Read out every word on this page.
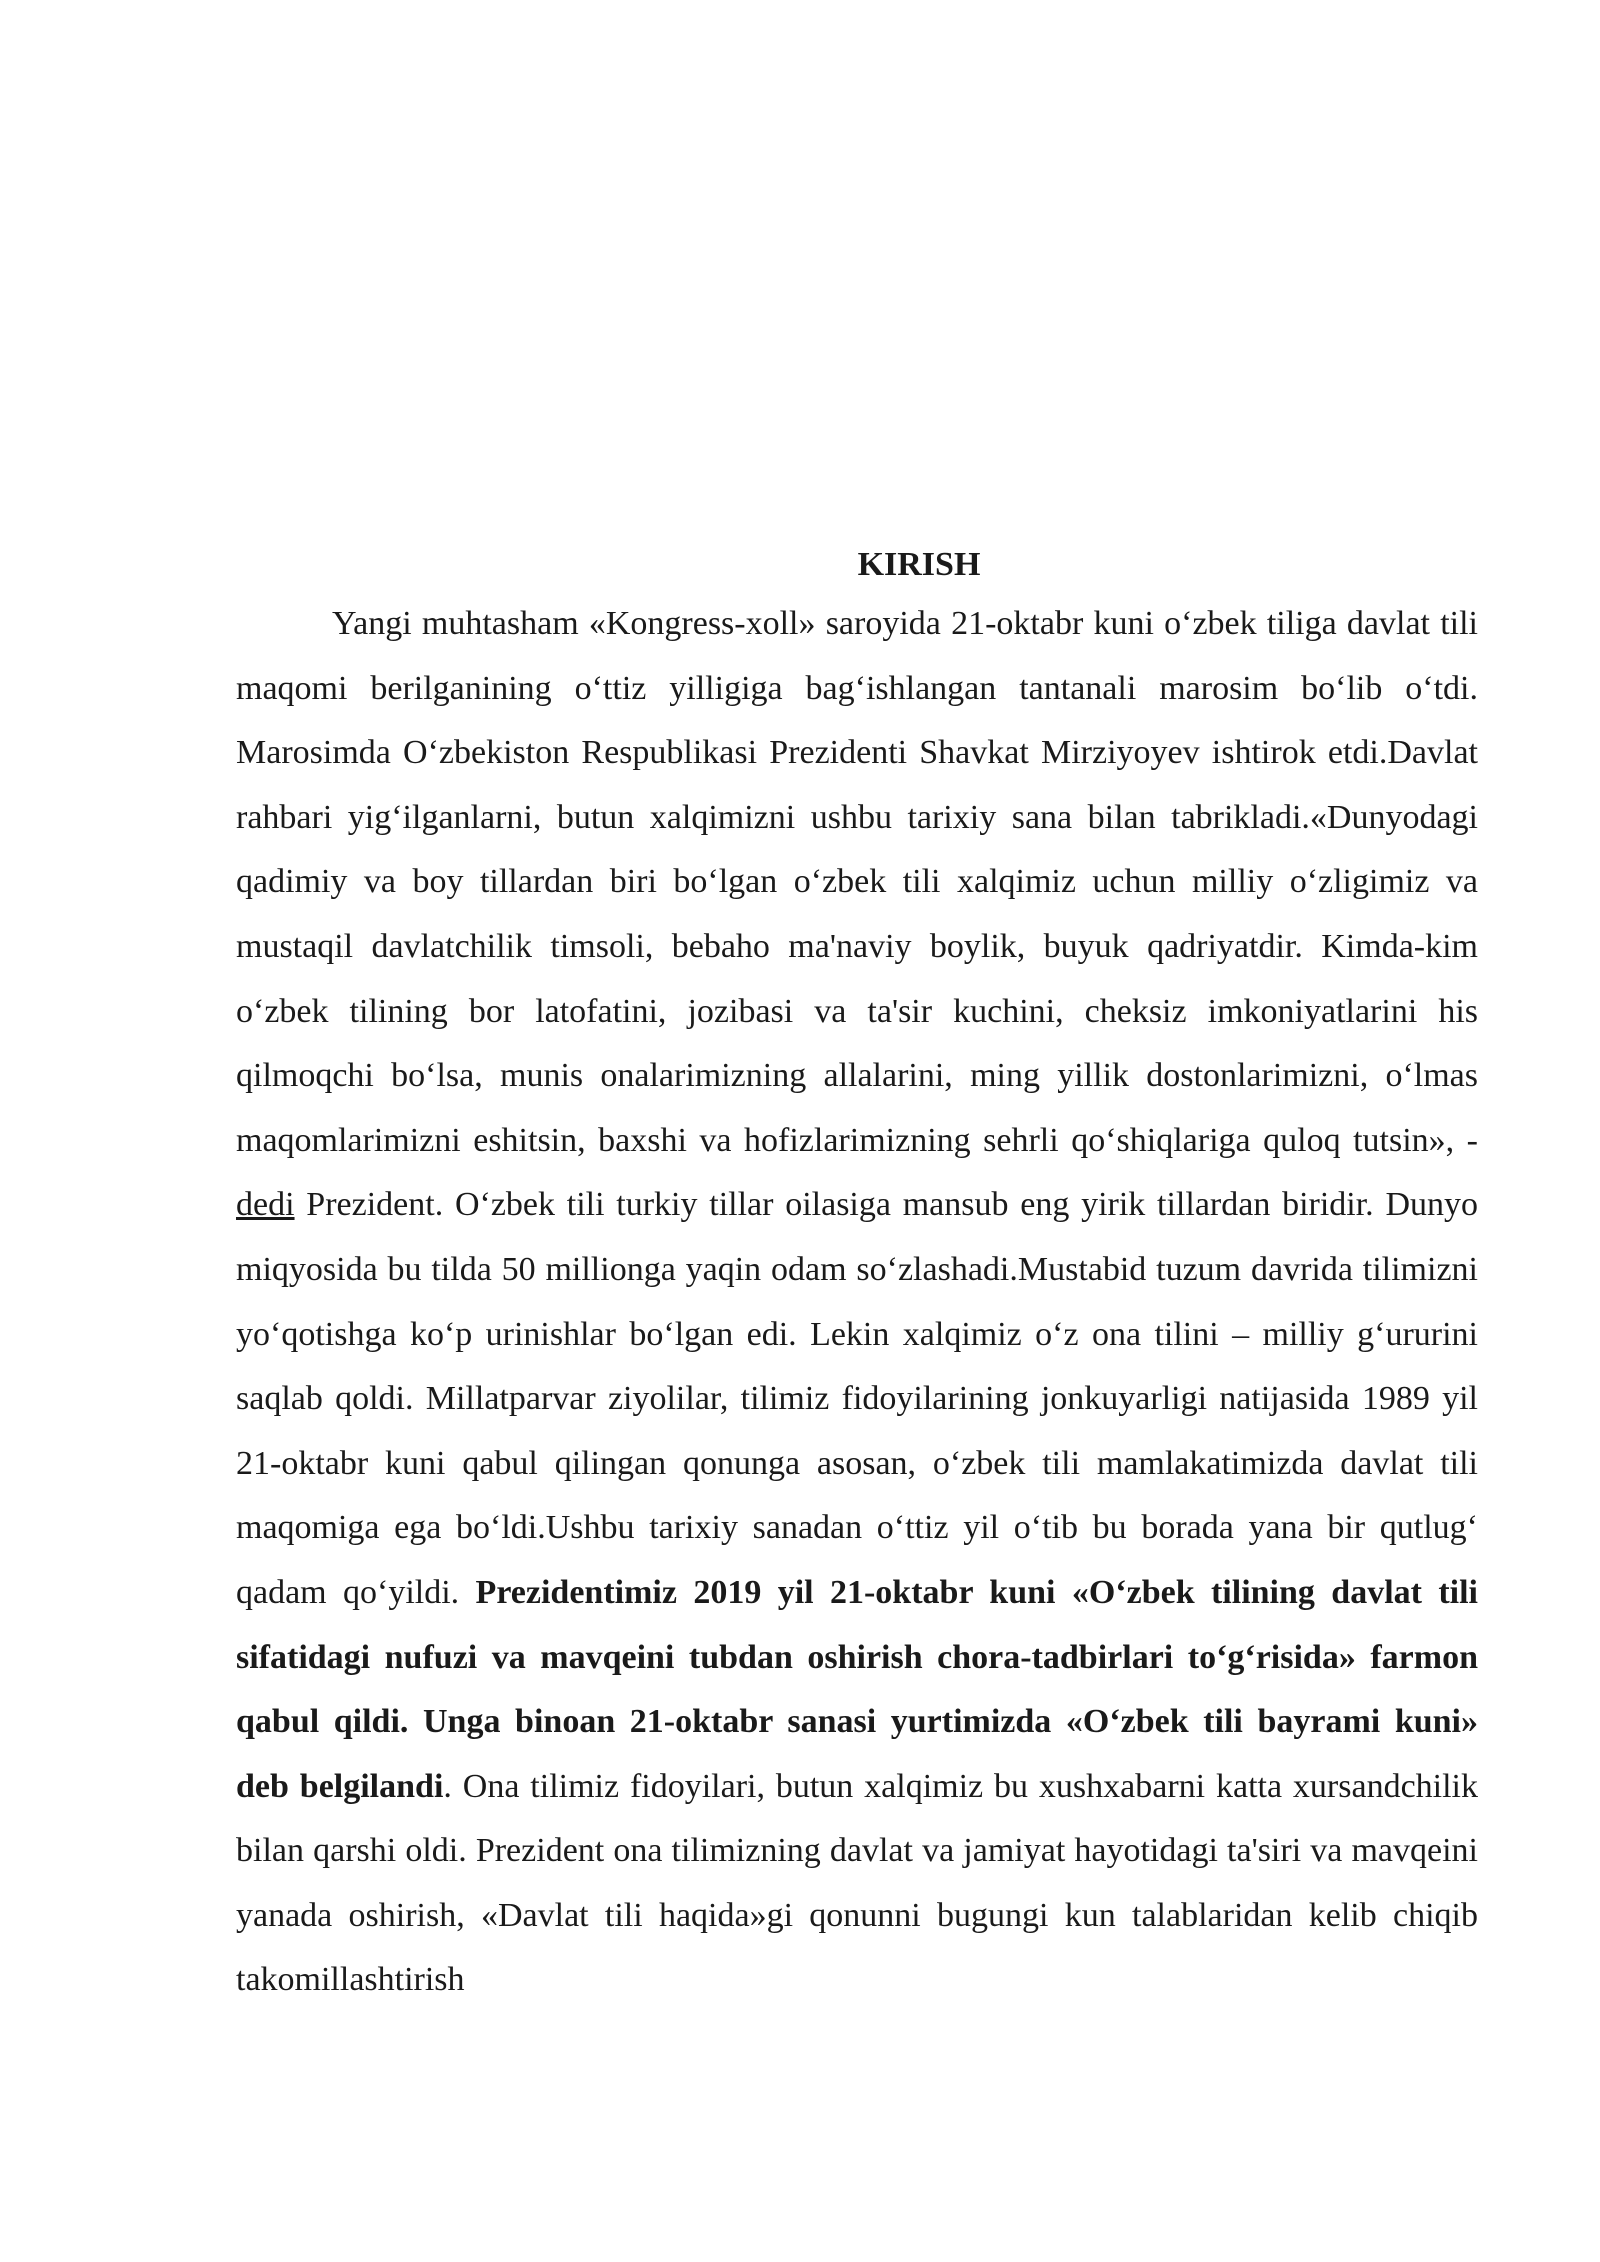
KIRISH

Yangi muhtasham «Kongress-xoll» saroyida 21-oktabr kuni o‘zbek tiliga davlat tili maqomi berilganining o‘ttiz yilligiga bag‘ishlangan tantanali marosim bo‘lib o‘tdi. Marosimda O‘zbekiston Respublikasi Prezidenti Shavkat Mirziyoyev ishtirok etdi.Davlat rahbari yig‘ilganlarni, butun xalqimizni ushbu tarixiy sana bilan tabrikladi.«Dunyodagi qadimiy va boy tillardan biri bo‘lgan o‘zbek tili xalqimiz uchun milliy o‘zligimiz va mustaqil davlatchilik timsoli, bebaho ma'naviy boylik, buyuk qadriyatdir. Kimda-kim o‘zbek tilining bor latofatini, jozibasi va ta'sir kuchini, cheksiz imkoniyatlarini his qilmoqchi bo‘lsa, munis onalarimizning allalarini, ming yillik dostonlarimizni, o‘lmas maqomlarimizni eshitsin, baxshi va hofizlarimizning sehrli qo‘shiqlariga quloq tutsin», - dedi Prezident. O‘zbek tili turkiy tillar oilasiga mansub eng yirik tillardan biridir. Dunyo miqyosida bu tilda 50 millionga yaqin odam so‘zlashadi.Mustabid tuzum davrida tilimizni yo‘qotishga ko‘p urinishlar bo‘lgan edi. Lekin xalqimiz o‘z ona tilini – milliy g‘ururini saqlab qoldi. Millatparvar ziyolilar, tilimiz fidoyilarining jonkuyarligi natijasida 1989 yil 21-oktabr kuni qabul qilingan qonunga asosan, o‘zbek tili mamlakatimizda davlat tili maqomiga ega bo‘ldi.Ushbu tarixiy sanadan o‘ttiz yil o‘tib bu borada yana bir qutlug‘ qadam qo‘yildi. Prezidentimiz 2019 yil 21-oktabr kuni «O‘zbek tilining davlat tili sifatidagi nufuzi va mavqeini tubdan oshirish chora-tadbirlari to‘g‘risida» farmon qabul qildi. Unga binoan 21-oktabr sanasi yurtimizda «O‘zbek tili bayrami kuni» deb belgilandi. Ona tilimiz fidoyilari, butun xalqimiz bu xushxabarni katta xursandchilik bilan qarshi oldi. Prezident ona tilimizning davlat va jamiyat hayotidagi ta'siri va mavqeini yanada oshirish, «Davlat tili haqida»gi qonunni bugungi kun talablaridan kelib chiqib takomillashtirish
